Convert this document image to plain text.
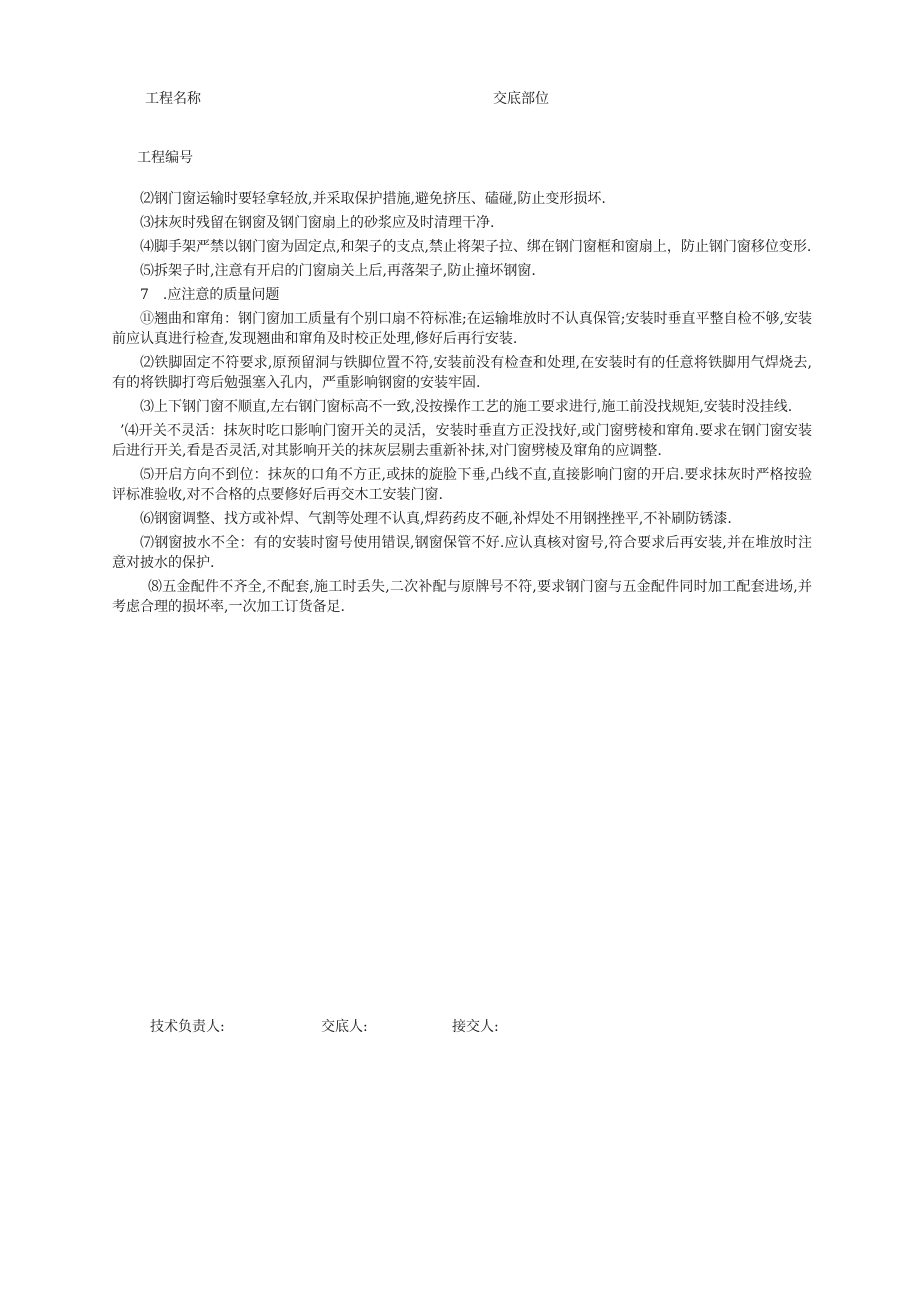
工程名称	交底部位
工程编号

⑵钢门窗运输时要轻拿轻放,并采取保护措施,避免挤压、磕碰,防止变形损坏.

⑶抹灰时残留在钢窗及钢门窗扇上的砂浆应及时清理干净.

⑷脚手架严禁以钢门窗为固定点,和架子的支点,禁止将架子拉、绑在钢门窗框和窗扇上，防止钢门窗移位变形.

⑸拆架子时,注意有开启的门窗扇关上后,再落架子,防止撞坏钢窗.

7　.应注意的质量问题

⑪翘曲和窜角：钢门窗加工质量有个别口扇不符标准;在运输堆放时不认真保管;安装时垂直平整自检不够,安装前应认真进行检查,发现翘曲和窜角及时校正处理,修好后再行安装.

⑵铁脚固定不符要求,原预留洞与铁脚位置不符,安装前没有检查和处理,在安装时有的任意将铁脚用气焊烧去,有的将铁脚打弯后勉强塞入孔内，严重影响钢窗的安装牢固.

⑶上下钢门窗不顺直,左右钢门窗标高不一致,没按操作工艺的施工要求进行,施工前没找规矩,安装时没挂线.

’⑷开关不灵活：抹灰时吃口影响门窗开关的灵活，安装时垂直方正没找好,或门窗劈棱和窜角.要求在钢门窗安装后进行开关,看是否灵活,对其影响开关的抹灰层剔去重新补抹,对门窗劈棱及窜角的应调整.

⑸开启方向不到位：抹灰的口角不方正,或抹的旋脸下垂,凸线不直,直接影响门窗的开启.要求抹灰时严格按验评标准验收,对不合格的点要修好后再交木工安装门窗.

⑹钢窗调整、找方或补焊、气割等处理不认真,焊药药皮不砸,补焊处不用钢挫挫平,不补刷防锈漆.

⑺钢窗披水不全：有的安装时窗号使用错误,钢窗保管不好.应认真核对窗号,符合要求后再安装,并在堆放时注意对披水的保护.

⑻五金配件不齐全,不配套,施工时丢失,二次补配与原牌号不符,要求钢门窗与五金配件同时加工配套进场,并考虑合理的损坏率,一次加工订货备足.

技术负责人:	交底人:	接交人:
